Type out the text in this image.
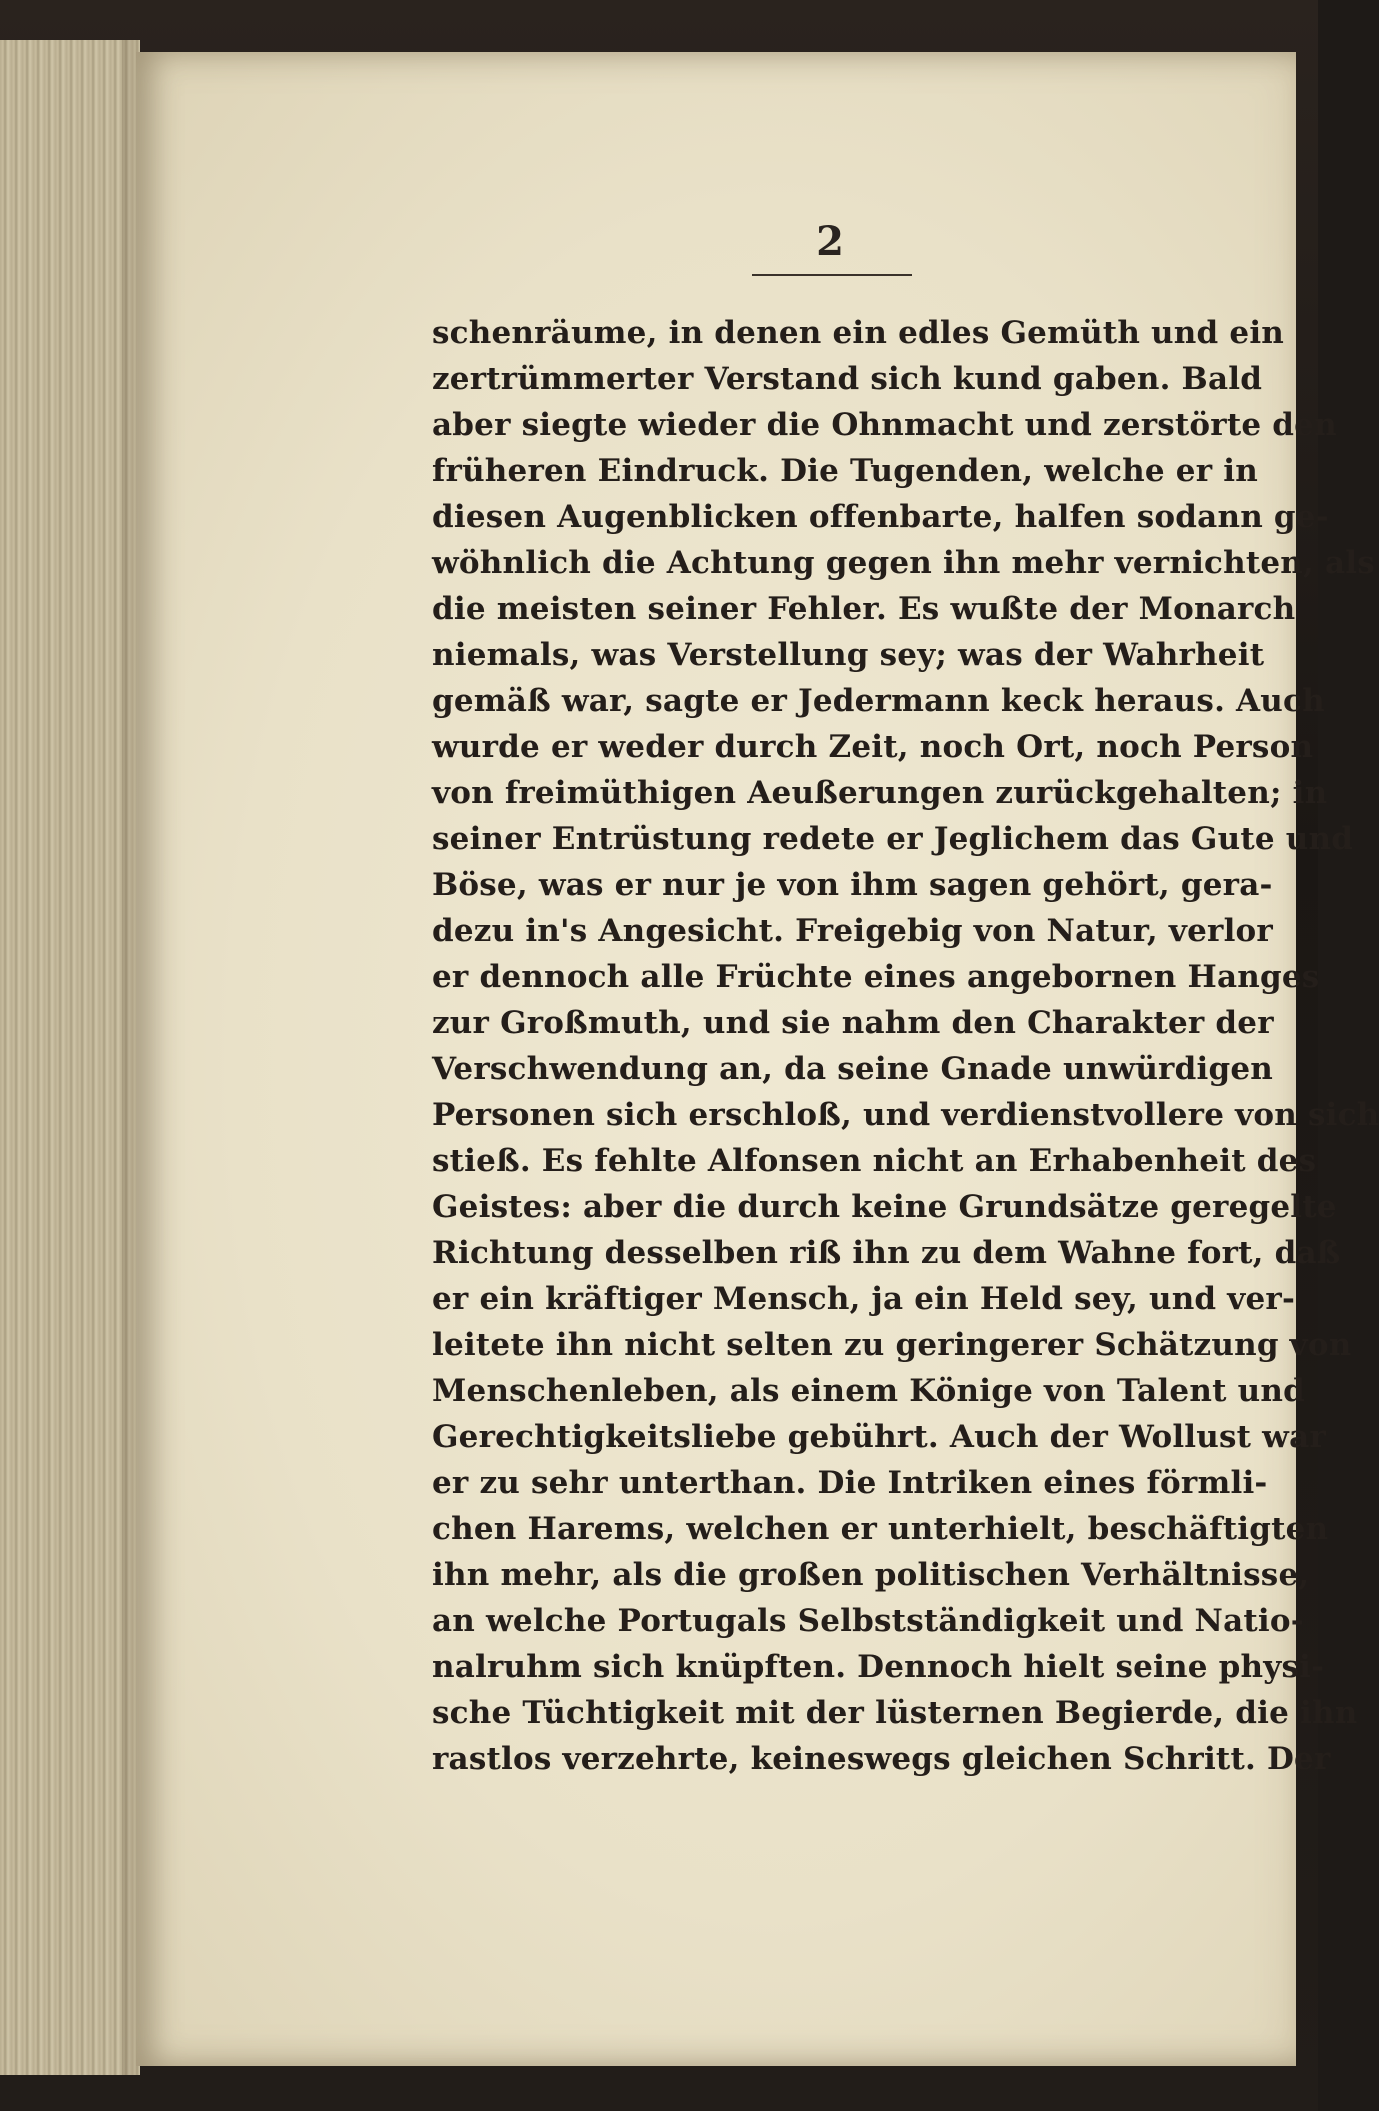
2
schenräume, in denen ein edles Gemüth und ein
zertrümmerter Verstand sich kund gaben. Bald
aber siegte wieder die Ohnmacht und zerstörte den
früheren Eindruck. Die Tugenden, welche er in
diesen Augenblicken offenbarte, halfen sodann ge-
wöhnlich die Achtung gegen ihn mehr vernichten, als
die meisten seiner Fehler. Es wußte der Monarch
niemals, was Verstellung sey; was der Wahrheit
gemäß war, sagte er Jedermann keck heraus. Auch
wurde er weder durch Zeit, noch Ort, noch Person
von freimüthigen Aeußerungen zurückgehalten; in
seiner Entrüstung redete er Jeglichem das Gute und
Böse, was er nur je von ihm sagen gehört, gera-
dezu in's Angesicht. Freigebig von Natur, verlor
er dennoch alle Früchte eines angebornen Hanges
zur Großmuth, und sie nahm den Charakter der
Verschwendung an, da seine Gnade unwürdigen
Personen sich erschloß, und verdienstvollere von sich
stieß. Es fehlte Alfonsen nicht an Erhabenheit des
Geistes: aber die durch keine Grundsätze geregelte
Richtung desselben riß ihn zu dem Wahne fort, daß
er ein kräftiger Mensch, ja ein Held sey, und ver-
leitete ihn nicht selten zu geringerer Schätzung von
Menschenleben, als einem Könige von Talent und
Gerechtigkeitsliebe gebührt. Auch der Wollust war
er zu sehr unterthan. Die Intriken eines förmli-
chen Harems, welchen er unterhielt, beschäftigten
ihn mehr, als die großen politischen Verhältnisse,
an welche Portugals Selbstständigkeit und Natio-
nalruhm sich knüpften. Dennoch hielt seine physi-
sche Tüchtigkeit mit der lüsternen Begierde, die ihn
rastlos verzehrte, keineswegs gleichen Schritt. Der
